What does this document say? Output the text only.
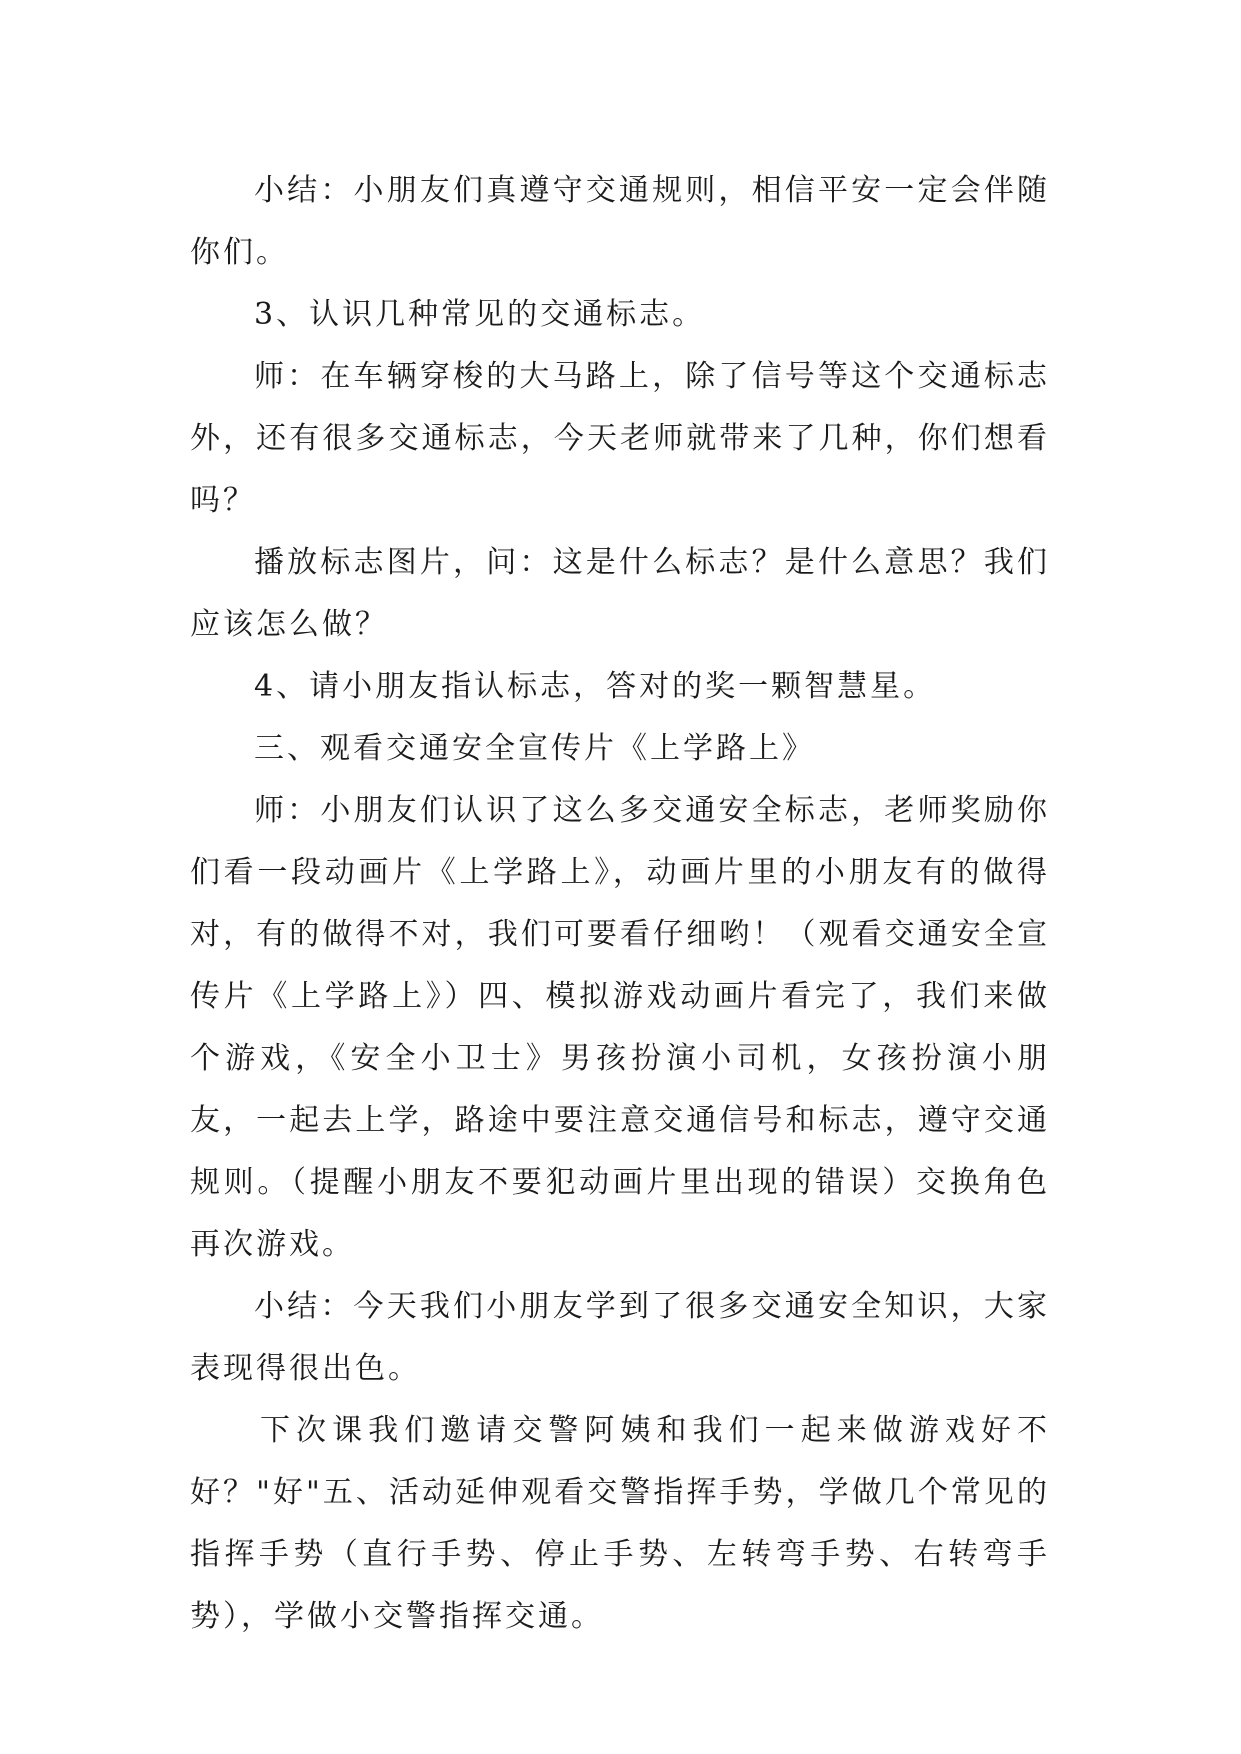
小结：小朋友们真遵守交通规则，相信平安一定会伴随你们。

3、认识几种常见的交通标志。

师：在车辆穿梭的大马路上，除了信号等这个交通标志外，还有很多交通标志，今天老师就带来了几种，你们想看吗？

播放标志图片，问：这是什么标志？是什么意思？我们应该怎么做？

4、请小朋友指认标志，答对的奖一颗智慧星。

三、观看交通安全宣传片《上学路上》

师：小朋友们认识了这么多交通安全标志，老师奖励你们看一段动画片《上学路上》，动画片里的小朋友有的做得对，有的做得不对，我们可要看仔细哟！（观看交通安全宣传片《上学路上》）四、模拟游戏动画片看完了，我们来做个游戏，《安全小卫士》男孩扮演小司机，女孩扮演小朋友，一起去上学，路途中要注意交通信号和标志，遵守交通规则。（提醒小朋友不要犯动画片里出现的错误）交换角色再次游戏。

小结：今天我们小朋友学到了很多交通安全知识，大家表现得很出色。

下次课我们邀请交警阿姨和我们一起来做游戏好不好？"好"五、活动延伸观看交警指挥手势，学做几个常见的指挥手势（直行手势、停止手势、左转弯手势、右转弯手势），学做小交警指挥交通。
